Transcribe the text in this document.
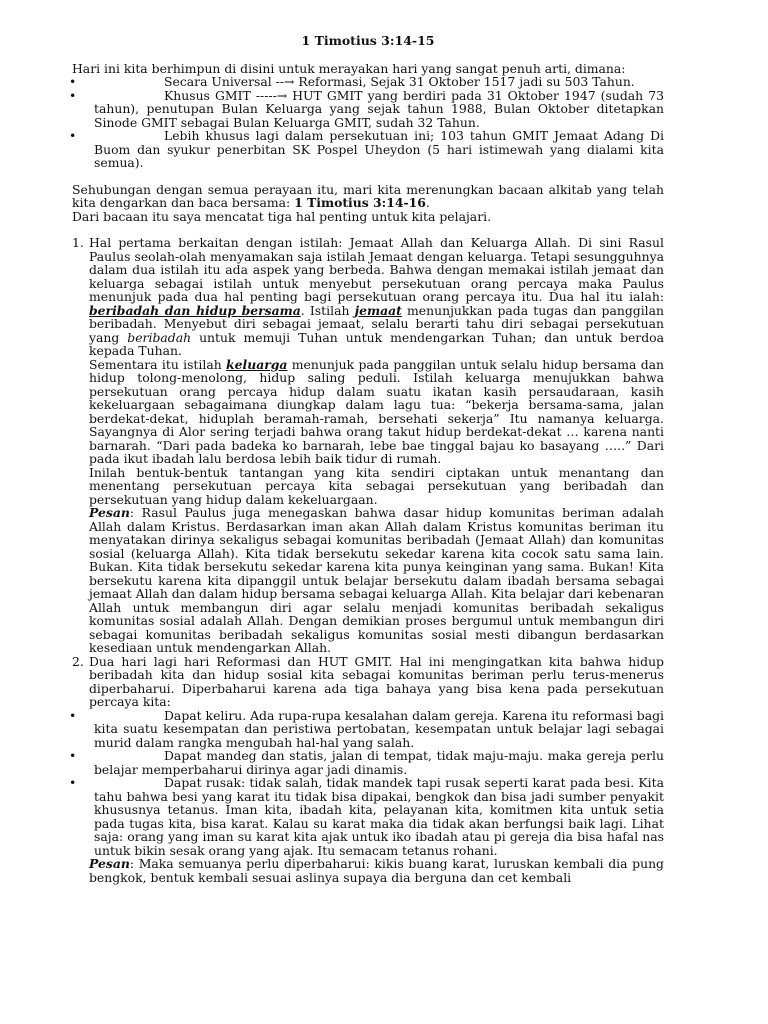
1 Timotius 3:14-15

Hari ini kita berhimpun di disini untuk merayakan hari yang sangat penuh arti, dimana:

•	Secara Universal --→ Reformasi, Sejak 31 Oktober 1517 jadi su 503 Tahun.
•	Khusus GMIT -----→ HUT GMIT yang berdiri pada 31 Oktober 1947 (sudah 73 tahun), penutupan Bulan Keluarga yang sejak tahun 1988, Bulan Oktober ditetapkan Sinode GMIT sebagai Bulan Keluarga GMIT, sudah 32 Tahun.
•	Lebih khusus lagi dalam persekutuan ini; 103 tahun GMIT Jemaat Adang Di Buom dan syukur penerbitan SK Pospel Uheydon (5 hari istimewah yang dialami kita semua).

Sehubungan dengan semua perayaan itu, mari kita merenungkan bacaan alkitab yang telah kita dengarkan dan baca bersama: 1 Timotius 3:14-16.

Dari bacaan itu saya mencatat tiga hal penting untuk kita pelajari.

1. Hal pertama berkaitan dengan istilah: Jemaat Allah dan Keluarga Allah. Di sini Rasul Paulus seolah-olah menyamakan saja istilah Jemaat dengan keluarga. Tetapi sesungguhnya dalam dua istilah itu ada aspek yang berbeda. Bahwa dengan memakai istilah jemaat dan keluarga sebagai istilah untuk menyebut persekutuan orang percaya maka Paulus menunjuk pada dua hal penting bagi persekutuan orang percaya itu. Dua hal itu ialah: beribadah dan hidup bersama. Istilah jemaat menunjukkan pada tugas dan panggilan beribadah. Menyebut diri sebagai jemaat, selalu berarti tahu diri sebagai persekutuan yang beribadah untuk memuji Tuhan untuk mendengarkan Tuhan; dan untuk berdoa kepada Tuhan.
Sementara itu istilah keluarga menunjuk pada panggilan untuk selalu hidup bersama dan hidup tolong-menolong, hidup saling peduli. Istilah keluarga menujukkan bahwa persekutuan orang percaya hidup dalam suatu ikatan kasih persaudaraan, kasih kekeluargaan sebagaimana diungkap dalam lagu tua: “bekerja bersama-sama, jalan berdekat-dekat, hiduplah beramah-ramah, bersehati sekerja” Itu namanya keluarga. Sayangnya di Alor sering terjadi bahwa orang takut hidup berdekat-dekat … karena nanti barnarah. “Dari pada badeka ko barnarah, lebe bae tinggal bajau ko basayang …..” Dari pada ikut ibadah lalu berdosa lebih baik tidur di rumah.
Inilah bentuk-bentuk tantangan yang kita sendiri ciptakan untuk menantang dan menentang persekutuan percaya kita sebagai persekutuan yang beribadah dan persekutuan yang hidup dalam kekeluargaan.
Pesan: Rasul Paulus juga menegaskan bahwa dasar hidup komunitas beriman adalah Allah dalam Kristus. Berdasarkan iman akan Allah dalam Kristus komunitas beriman itu menyatakan dirinya sekaligus sebagai komunitas beribadah (Jemaat Allah) dan komunitas sosial (keluarga Allah). Kita tidak bersekutu sekedar karena kita cocok satu sama lain. Bukan. Kita tidak bersekutu sekedar karena kita punya keinginan yang sama. Bukan! Kita bersekutu karena kita dipanggil untuk belajar bersekutu dalam ibadah bersama sebagai jemaat Allah dan dalam hidup bersama sebagai keluarga Allah. Kita belajar dari kebenaran Allah untuk membangun diri agar selalu menjadi komunitas beribadah sekaligus komunitas sosial adalah Allah. Dengan demikian proses bergumul untuk membangun diri sebagai komunitas beribadah sekaligus komunitas sosial mesti dibangun berdasarkan kesediaan untuk mendengarkan Allah.
2. Dua hari lagi hari Reformasi dan HUT GMIT. Hal ini mengingatkan kita bahwa hidup beribadah kita dan hidup sosial kita sebagai komunitas beriman perlu terus-menerus diperbaharui. Diperbaharui karena ada tiga bahaya yang bisa kena pada persekutuan percaya kita:
•	Dapat keliru. Ada rupa-rupa kesalahan dalam gereja. Karena itu reformasi bagi kita suatu kesempatan dan peristiwa pertobatan, kesempatan untuk belajar lagi sebagai murid dalam rangka mengubah hal-hal yang salah.
•	Dapat mandeg dan statis, jalan di tempat, tidak maju-maju. maka gereja perlu belajar memperbaharui dirinya agar jadi dinamis.
•	Dapat rusak: tidak salah, tidak mandek tapi rusak seperti karat pada besi. Kita tahu bahwa besi yang karat itu tidak bisa dipakai, bengkok dan bisa jadi sumber penyakit khususnya tetanus. Iman kita, ibadah kita, pelayanan kita, komitmen kita untuk setia pada tugas kita, bisa karat. Kalau su karat maka dia tidak akan berfungsi baik lagi. Lihat saja: orang yang iman su karat kita ajak untuk iko ibadah atau pi gereja dia bisa hafal nas untuk bikin sesak orang yang ajak. Itu semacam tetanus rohani.
Pesan: Maka semuanya perlu diperbaharui: kikis buang karat, luruskan kembali dia pung bengkok, bentuk kembali sesuai aslinya supaya dia berguna dan cet kembali
